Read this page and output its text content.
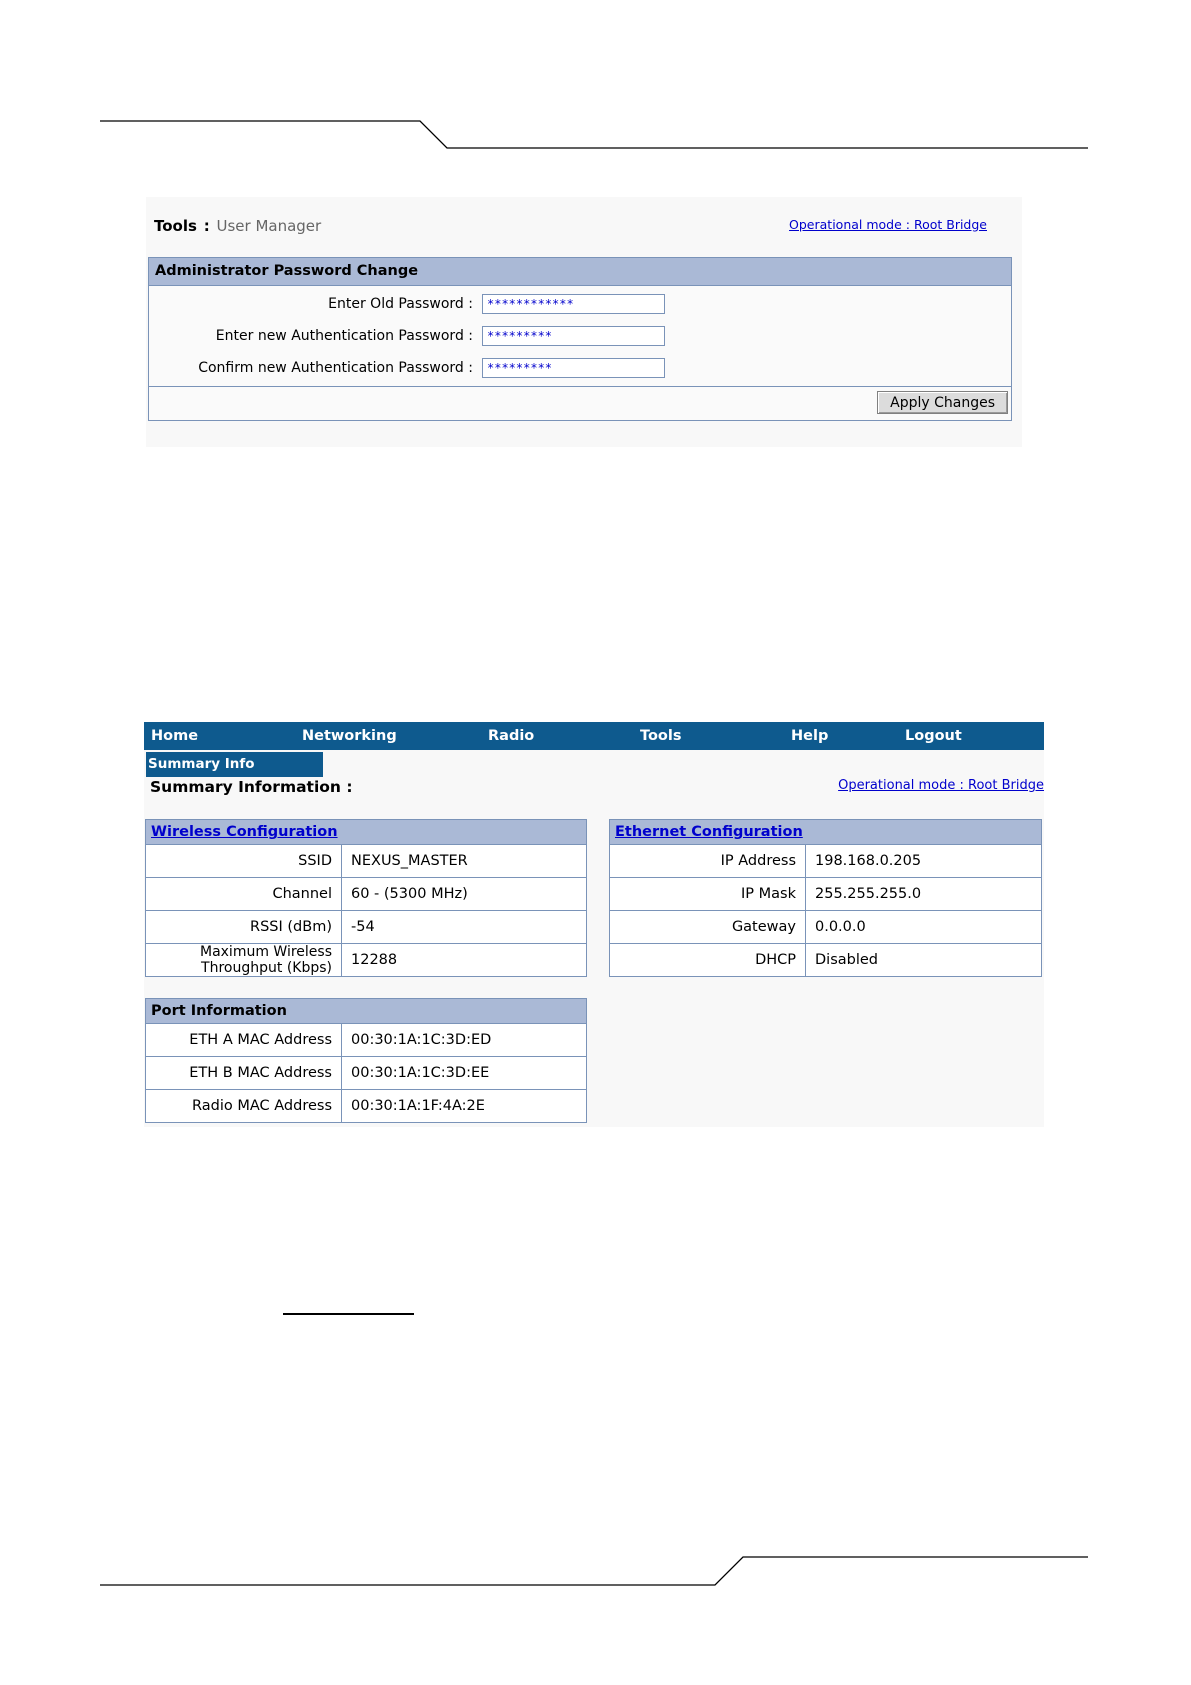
Tools : User Manager	Operational mode : Root Bridge
Administrator Password Change
Enter Old Password :
************
Enter new Authentication Password :
*********
Confirm new Authentication Password :
*********
Apply Changes
Home	Networking	Radio	Tools	Help	Logout
Summary Info
Summary Information :	Operational mode : Root Bridge
Wireless Configuration	
SSID	NEXUS_MASTER
Channel	60 - (5300 MHz)
RSSI (dBm)	-54
Maximum Wireless
Throughput (Kbps)	12288
Ethernet Configuration	
IP Address	198.168.0.205
IP Mask	255.255.255.0
Gateway	0.0.0.0
DHCP	Disabled
Port Information	
ETH A MAC Address	00:30:1A:1C:3D:ED
ETH B MAC Address	00:30:1A:1C:3D:EE
Radio MAC Address	00:30:1A:1F:4A:2E
